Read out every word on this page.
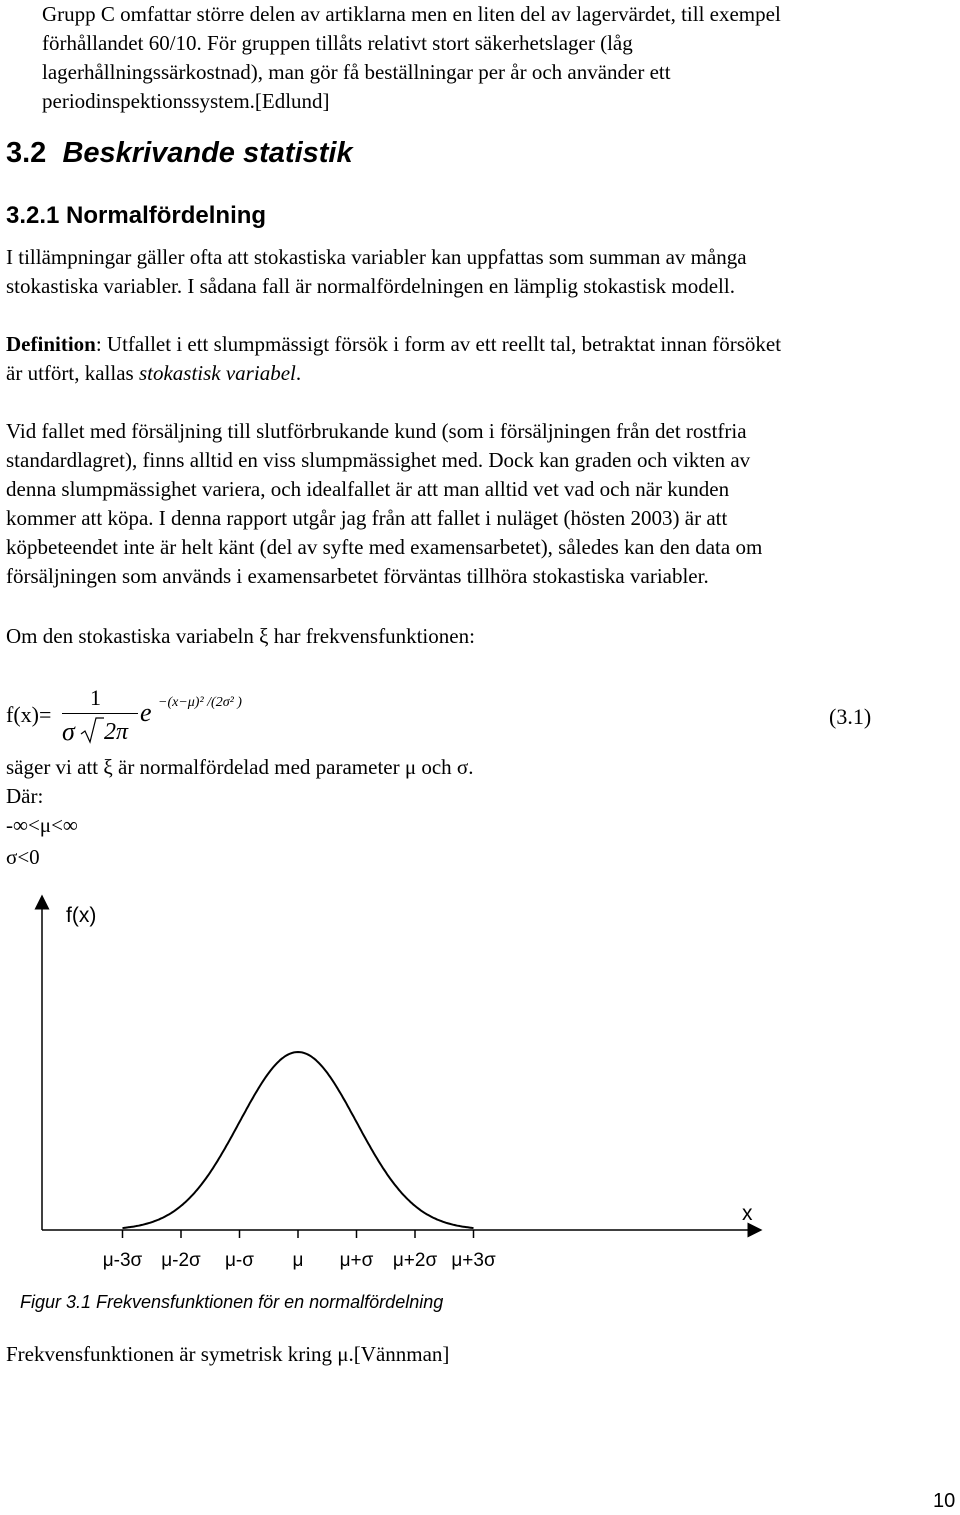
Grupp C omfattar större delen av artiklarna men en liten del av lagervärdet, till exempel

förhållandet 60/10. För gruppen tillåts relativt stort säkerhetslager (låg

lagerhållningssärkostnad), man gör få beställningar per år och använder ett

periodinspektionssystem.[Edlund]

3.2 Beskrivande statistik
3.2.1 Normalfördelning

I tillämpningar gäller ofta att stokastiska variabler kan uppfattas som summan av många

stokastiska variabler. I sådana fall är normalfördelningen en lämplig stokastisk modell.

Definition: Utfallet i ett slumpmässigt försök i form av ett reellt tal, betraktat innan försöket

är utfört, kallas stokastisk variabel.

Vid fallet med försäljning till slutförbrukande kund (som i försäljningen från det rostfria

standardlagret), finns alltid en viss slumpmässighet med. Dock kan graden och vikten av

denna slumpmässighet variera, och idealfallet är att man alltid vet vad och när kunden

kommer att köpa. I denna rapport utgår jag från att fallet i nuläget (hösten 2003) är att

köpbeteendet inte är helt känt (del av syfte med examensarbetet), således kan den data om

försäljningen som används i examensarbetet förväntas tillhöra stokastiska variabler.

Om den stokastiska variabeln ξ har frekvensfunktionen:

f(x)=
1
σ 2π
e −(x−μ)² /(2σ² )
(3.1)

säger vi att ξ är normalfördelad med parameter μ och σ.

Där:

-∞<μ<∞

σ<0

f(x)
x
μ-3σ μ-2σ μ-σ μ μ+σ μ+2σ μ+3σ

Figur 3.1 Frekvensfunktionen för en normalfördelning

Frekvensfunktionen är symetrisk kring μ.[Vännman]

10
